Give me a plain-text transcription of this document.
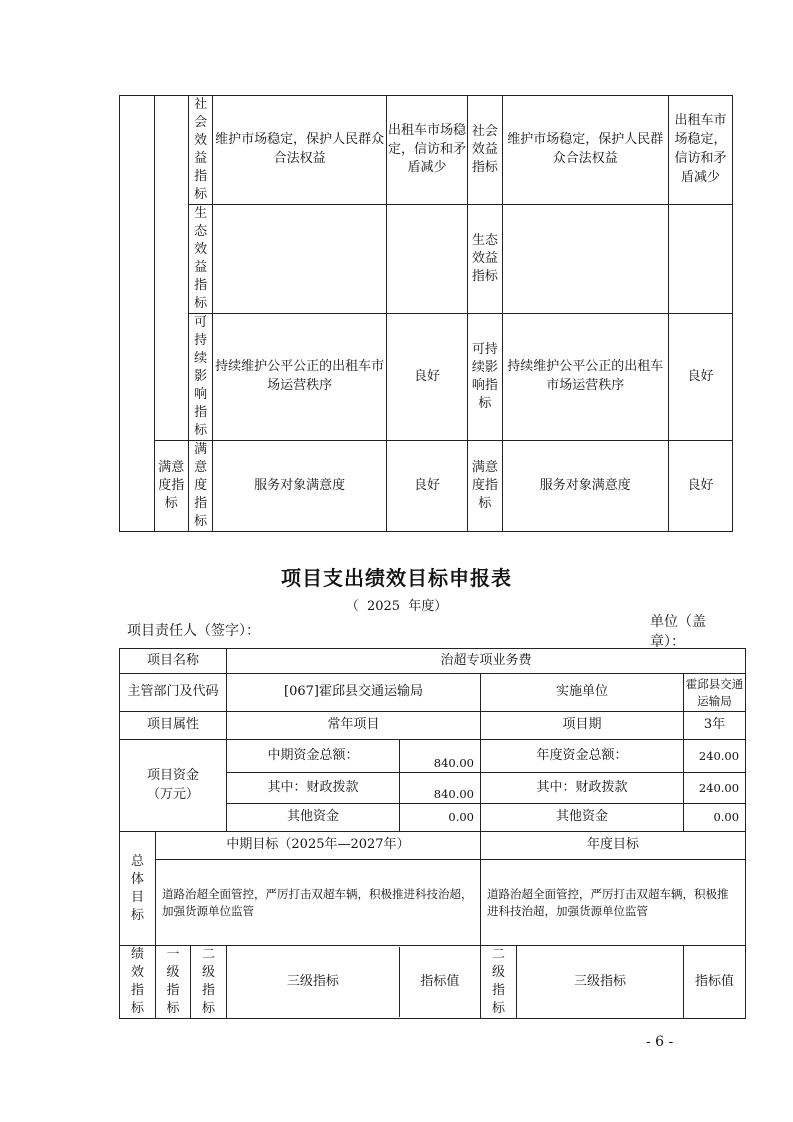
		社会效益指标	维护市场稳定，保护人民群众合法权益	出租车市场稳定，信访和矛盾减少	社会效益指标	维护市场稳定，保护人民群众合法权益	出租车市场稳定，信访和矛盾减少
		生态效益指标			生态效益指标		
		可持续影响指标	持续维护公平公正的出租车市场运营秩序	良好	可持续影响指标	持续维护公平公正的出租车市场运营秩序	良好
	满意度指标	满意度指标	服务对象满意度	良好	满意度指标	服务对象满意度	良好
项目支出绩效目标申报表
（  2025  年度）
项目责任人（签字）：
单位（盖章）：
项目名称			治超专项业务费				
主管部门及代码			[067]霍邱县交通运输局		实施单位		霍邱县交通运输局
项目属性			常年项目		项目期		3年
项目资金（万元）			中期资金总额：	840.00	年度资金总额：		240.00
			其中：财政拨款	840.00	其中：财政拨款		240.00
			其他资金	0.00	其他资金		0.00
总体目标	中期目标（2025年—2027年）				年度目标		
	道路治超全面管控，严厉打击双超车辆，积极推进科技治超，加强货源单位监管				道路治超全面管控，严厉打击双超车辆，积极推进科技治超，加强货源单位监管		
绩效指标	一级指标	二级指标	三级指标 指标值		二级指标	三级指标	指标值
- 6 -
